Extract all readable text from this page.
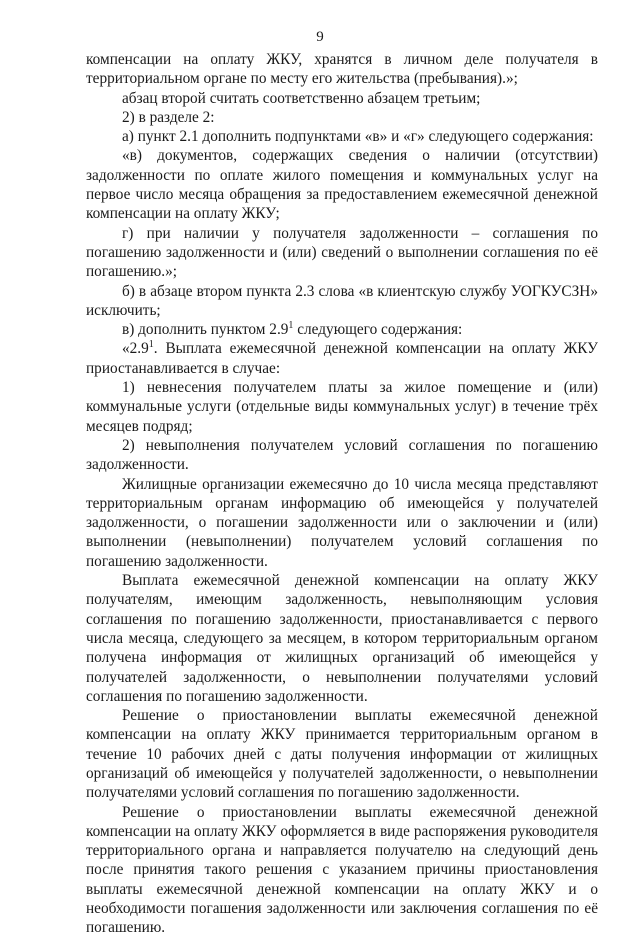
9

компенсации на оплату ЖКУ, хранятся в личном деле получателя в территориальном органе по месту его жительства (пребывания).»;

абзац второй считать соответственно абзацем третьим;

2) в разделе 2:

а) пункт 2.1 дополнить подпунктами «в» и «г» следующего содержания:

«в) документов, содержащих сведения о наличии (отсутствии) задолженности по оплате жилого помещения и коммунальных услуг на первое число месяца обращения за предоставлением ежемесячной денежной компенсации на оплату ЖКУ;

г) при наличии у получателя задолженности – соглашения по погашению задолженности и (или) сведений о выполнении соглашения по её погашению.»;

б) в абзаце втором пункта 2.3 слова «в клиентскую службу УОГКУСЗН» исключить;

в) дополнить пунктом $2.9^1$ следующего содержания:

«$2.9^1$. Выплата ежемесячной денежной компенсации на оплату ЖКУ приостанавливается в случае:

1) невнесения получателем платы за жилое помещение и (или) коммунальные услуги (отдельные виды коммунальных услуг) в течение трёх месяцев подряд;

2) невыполнения получателем условий соглашения по погашению задолженности.

Жилищные организации ежемесячно до 10 числа месяца представляют территориальным органам информацию об имеющейся у получателей задолженности, о погашении задолженности или о заключении и (или) выполнении (невыполнении) получателем условий соглашения по погашению задолженности.

Выплата ежемесячной денежной компенсации на оплату ЖКУ получателям, имеющим задолженность, невыполняющим условия соглашения по погашению задолженности, приостанавливается с первого числа месяца, следующего за месяцем, в котором территориальным органом получена информация от жилищных организаций об имеющейся у получателей задолженности, о невыполнении получателями условий соглашения по погашению задолженности.

Решение о приостановлении выплаты ежемесячной денежной компенсации на оплату ЖКУ принимается территориальным органом в течение 10 рабочих дней с даты получения информации от жилищных организаций об имеющейся у получателей задолженности, о невыполнении получателями условий соглашения по погашению задолженности.

Решение о приостановлении выплаты ежемесячной денежной компенсации на оплату ЖКУ оформляется в виде распоряжения руководителя территориального органа и направляется получателю на следующий день после принятия такого решения с указанием причины приостановления выплаты ежемесячной денежной компенсации на оплату ЖКУ и о необходимости погашения задолженности или заключения соглашения по её погашению.
